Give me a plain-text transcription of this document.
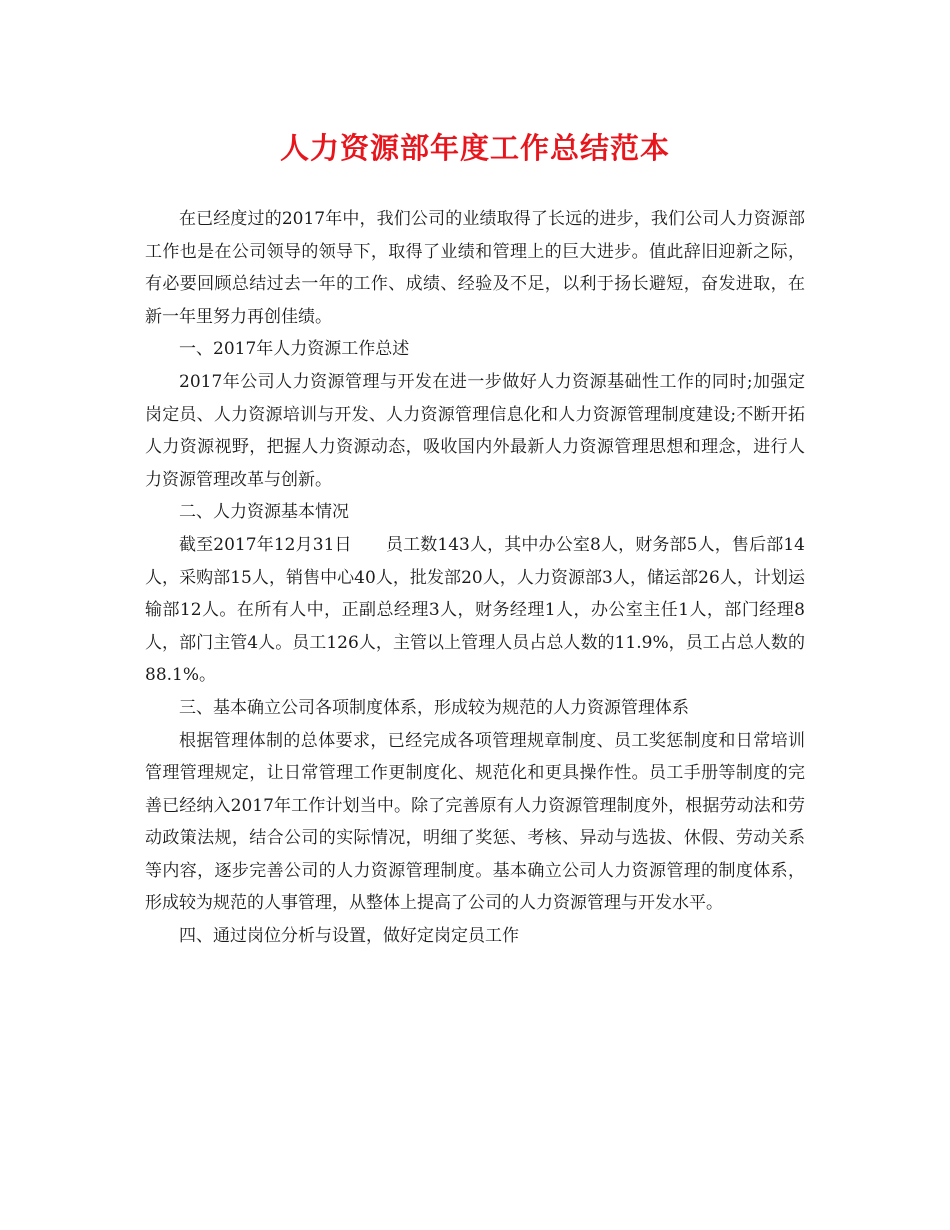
人力资源部年度工作总结范本

在已经度过的2017年中，我们公司的业绩取得了长远的进步，我们公司人力资源部工作也是在公司领导的领导下，取得了业绩和管理上的巨大进步。值此辞旧迎新之际，有必要回顾总结过去一年的工作、成绩、经验及不足，以利于扬长避短，奋发进取，在新一年里努力再创佳绩。

一、2017年人力资源工作总述

2017年公司人力资源管理与开发在进一步做好人力资源基础性工作的同时;加强定岗定员、人力资源培训与开发、人力资源管理信息化和人力资源管理制度建设;不断开拓人力资源视野，把握人力资源动态，吸收国内外最新人力资源管理思想和理念，进行人力资源管理改革与创新。

二、人力资源基本情况

截至2017年12月31日　　员工数143人，其中办公室8人，财务部5人，售后部14人，采购部15人，销售中心40人，批发部20人，人力资源部3人，储运部26人，计划运输部12人。在所有人中，正副总经理3人，财务经理1人，办公室主任1人，部门经理8人，部门主管4人。员工126人，主管以上管理人员占总人数的11.9%，员工占总人数的88.1%。

三、基本确立公司各项制度体系，形成较为规范的人力资源管理体系

根据管理体制的总体要求，已经完成各项管理规章制度、员工奖惩制度和日常培训管理管理规定，让日常管理工作更制度化、规范化和更具操作性。员工手册等制度的完善已经纳入2017年工作计划当中。除了完善原有人力资源管理制度外，根据劳动法和劳动政策法规，结合公司的实际情况，明细了奖惩、考核、异动与选拔、休假、劳动关系等内容，逐步完善公司的人力资源管理制度。基本确立公司人力资源管理的制度体系，形成较为规范的人事管理，从整体上提高了公司的人力资源管理与开发水平。

四、通过岗位分析与设置，做好定岗定员工作
